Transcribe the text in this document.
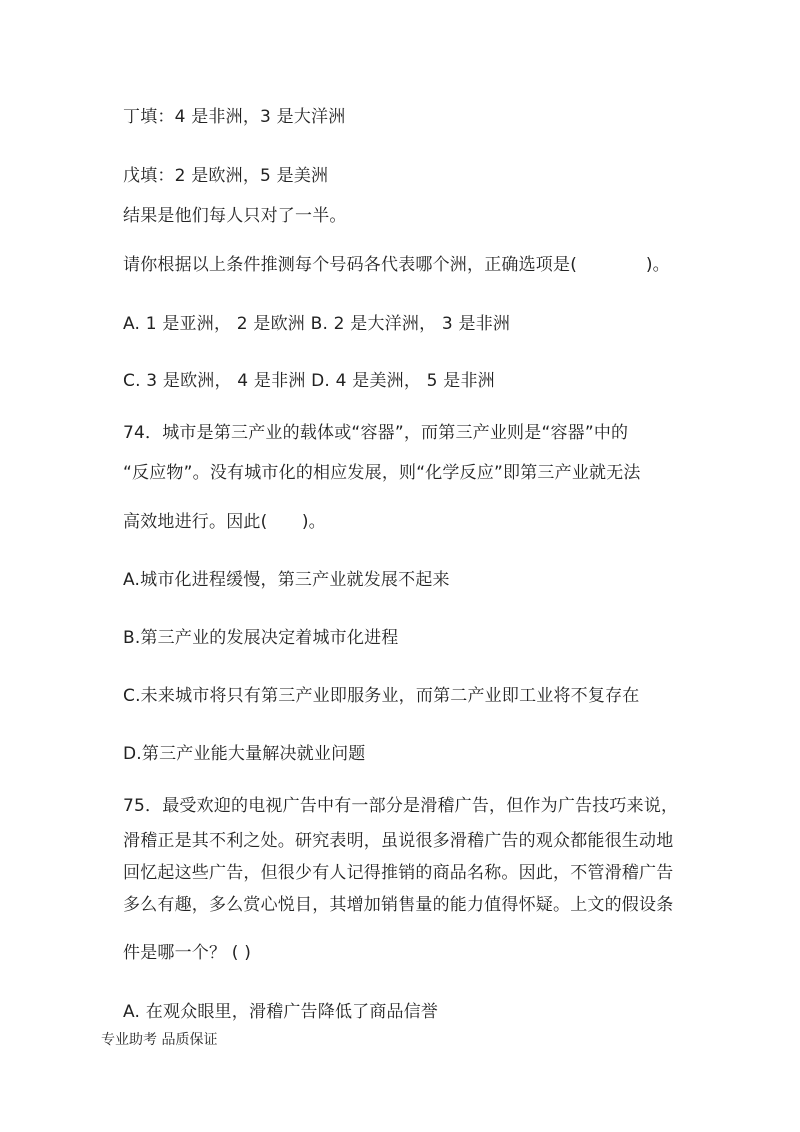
丁填：4 是非洲，3 是大洋洲
戊填：2 是欧洲，5 是美洲
结果是他们每人只对了一半。
请你根据以上条件推测每个号码各代表哪个洲，正确选项是(　　　　)。
A. 1 是亚洲， 2 是欧洲 B. 2 是大洋洲， 3 是非洲
C. 3 是欧洲， 4 是非洲 D. 4 是美洲， 5 是非洲
74．城市是第三产业的载体或“容器”，而第三产业则是“容器”中的
“反应物”。没有城市化的相应发展，则“化学反应”即第三产业就无法
高效地进行。因此(　　)。
A.城市化进程缓慢，第三产业就发展不起来
B.第三产业的发展决定着城市化进程
C.未来城市将只有第三产业即服务业，而第二产业即工业将不复存在
D.第三产业能大量解决就业问题
75．最受欢迎的电视广告中有一部分是滑稽广告，但作为广告技巧来说，
滑稽正是其不利之处。研究表明，虽说很多滑稽广告的观众都能很生动地
回忆起这些广告，但很少有人记得推销的商品名称。因此，不管滑稽广告
多么有趣，多么赏心悦目，其增加销售量的能力值得怀疑。上文的假设条
件是哪一个？ ( )
A. 在观众眼里，滑稽广告降低了商品信誉
专业助考 品质保证
